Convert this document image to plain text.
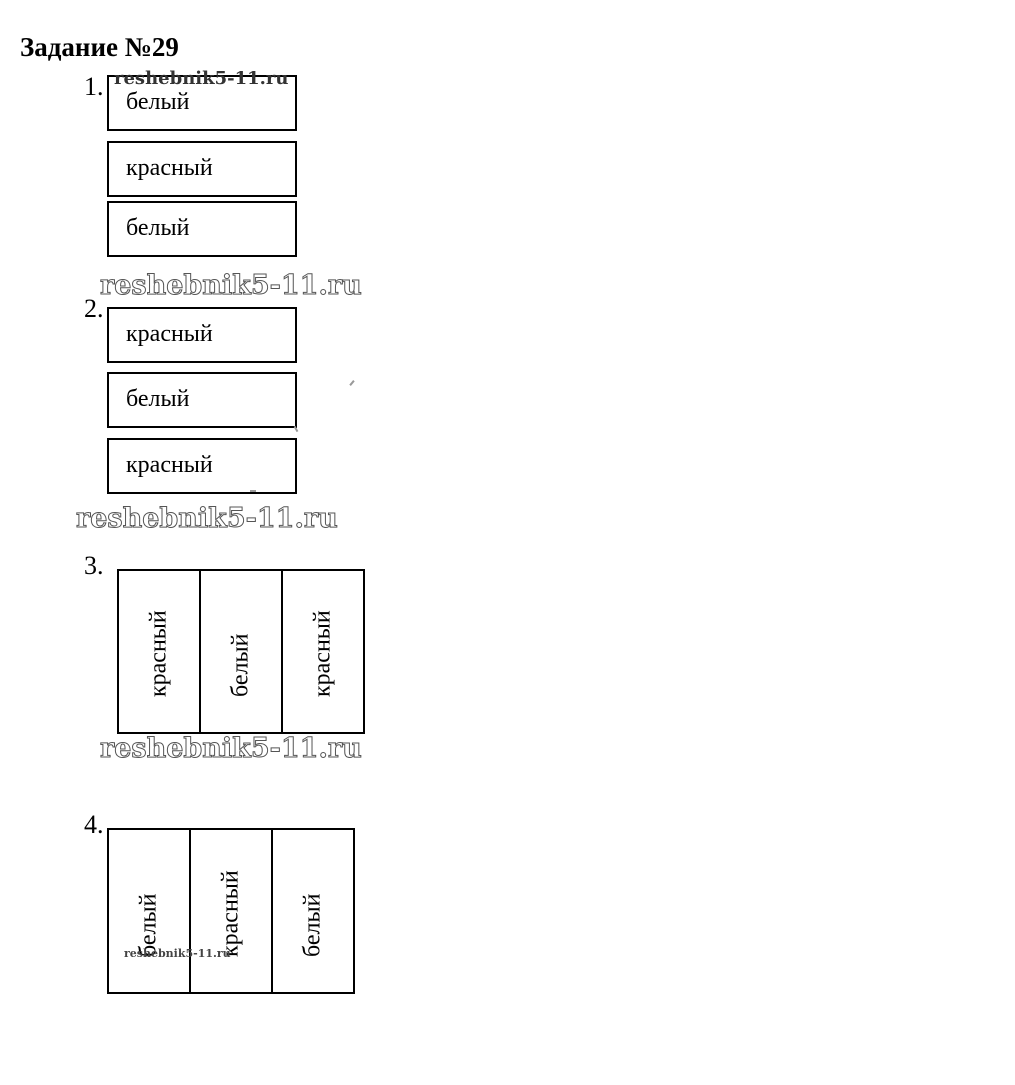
Задание №29
1.
белый
красный
белый
reshebnik5-11.ru
reshebnik5-11.ru
2.
красный
белый
красный
reshebnik5-11.ru
3.
красный белый красный
reshebnik5-11.ru
4.
белый красный белый
reshebnik5-11.ru
